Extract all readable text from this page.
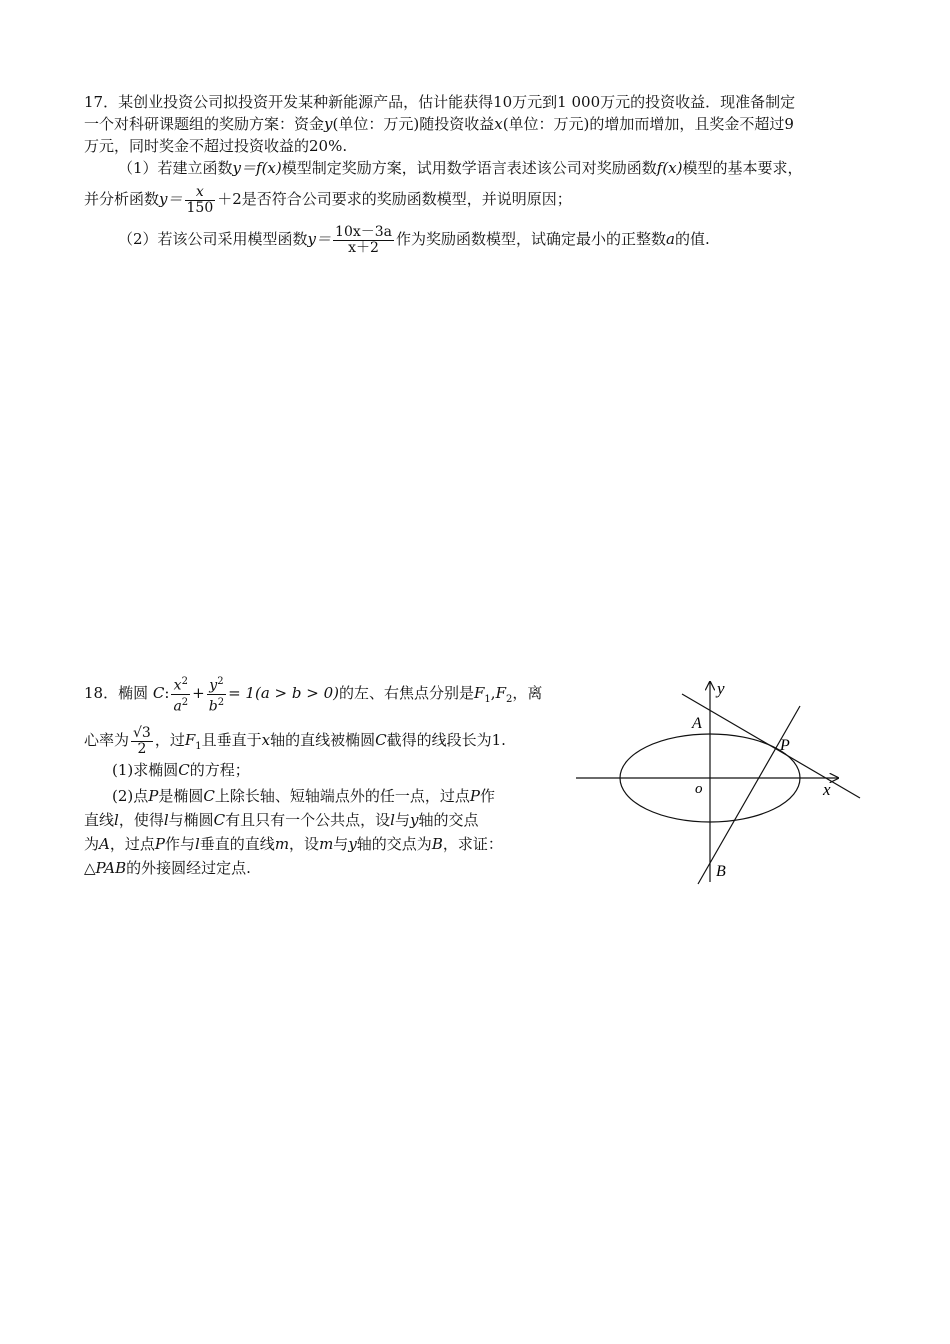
17．某创业投资公司拟投资开发某种新能源产品，估计能获得10万元到1 000万元的投资收益．现准备制定
一个对科研课题组的奖励方案：资金y(单位：万元)随投资收益x(单位：万元)的增加而增加，且奖金不超过9
万元，同时奖金不超过投资收益的20%.
（1）若建立函数y＝f(x)模型制定奖励方案，试用数学语言表述该公司对奖励函数f(x)模型的基本要求，
并分析函数$y= \frac{x}{150} +2$是否符合公司要求的奖励函数模型，并说明原因；
（2）若该公司采用模型函数$y= \frac{10x-3a}{x+2}$ 作为奖励函数模型，试确定最小的正整数a的值.
18．椭圆 C: $\frac{x^2}{a^2} + \frac{y^2}{b^2} = 1(a > b > 0)$的左、右焦点分别是$F_1,F_2$，离
心率为 $\frac{√3}{2}$ ，过$F_1$且垂直于x轴的直线被椭圆C截得的线段长为1.
(1)求椭圆C的方程；
(2)点P是椭圆C上除长轴、短轴端点外的任一点，过点P作
直线l，使得l与椭圆C有且只有一个公共点，设l与y轴的交点
为A，过点P作与l垂直的直线m，设m与y轴的交点为B，求证：
△PAB的外接圆经过定点.
y
x
o
A
P
B
